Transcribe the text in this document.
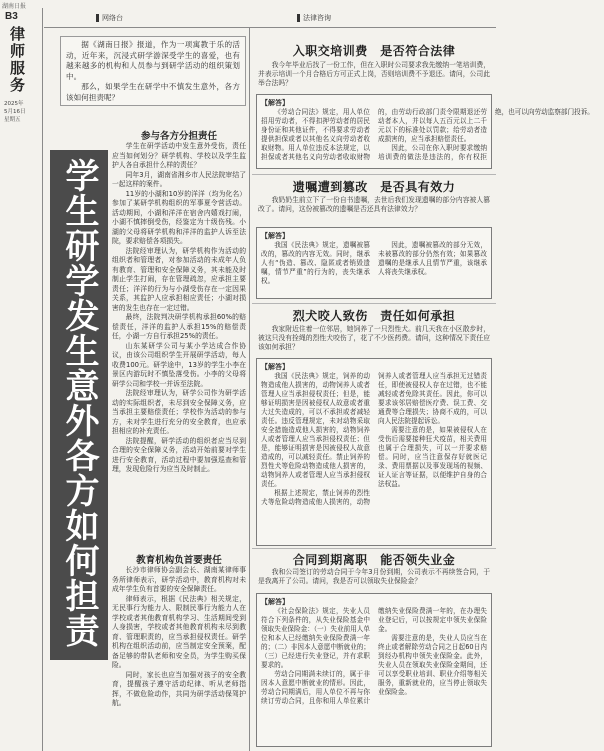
湖南日报
B3
律师服务
2025年
5月16日
星期五
网络台	法律咨询

据《湖南日报》报道，作为一项寓教于乐的活动，近年来，沉浸式研学游深受学生的喜爱，也有越来越多的机构和人员参与到研学活动的组织策划中。

那么，如果学生在研学中不慎发生意外，各方该如何担责呢？

学生研学发生意外各方如何担责
参与各方分担责任

学生在研学活动中发生意外受伤，责任应当如何划分？研学机构、学校以及学生监护人各自承担什么样的责任？

同年3月，湖南省湘乡市人民法院审结了一起这样的案件。

11岁的小湖和10岁的洋洋（均为化名）参加了某研学机构组织的军事夏令营活动。活动期间，小湖和洋洋在宿舍内嬉戏打闹，小湖不慎摔倒受伤，经鉴定为十级伤残。小湖的父母将研学机构和洋洋的监护人诉至法院，要求赔偿各项损失。

法院经审理认为，研学机构作为活动的组织者和管理者，对参加活动的未成年人负有教育、管理和安全保障义务，其未能及时制止学生打闹，存在管理疏忽，应承担主要责任；洋洋的行为与小湖受伤存在一定因果关系，其监护人应承担相应责任；小湖对损害的发生也存在一定过错。

最终，法院判决研学机构承担60%的赔偿责任，洋洋的监护人承担15%的赔偿责任，小湖一方自行承担25%的责任。

山东某研学公司与某小学达成合作协议，由该公司组织学生开展研学活动，每人收费100元。研学途中，13岁的学生小李在景区内游玩时不慎坠落受伤。小李的父母将研学公司和学校一并诉至法院。

法院经审理认为，研学公司作为研学活动的实际组织者，未尽到安全保障义务，应当承担主要赔偿责任；学校作为活动的参与方，未对学生进行充分的安全教育，也应承担相应的补充责任。

法院提醒，研学活动的组织者应当尽到合理的安全保障义务，活动开始前要对学生进行安全教育，活动过程中要加强巡查和管理，发现危险行为应当及时制止。

教育机构负首要责任

长沙市律师协会副会长、湖南某律师事务所律师表示，研学活动中，教育机构对未成年学生负有首要的安全保障责任。

律师表示，根据《民法典》相关规定，无民事行为能力人、限制民事行为能力人在学校或者其他教育机构学习、生活期间受到人身损害，学校或者其他教育机构未尽到教育、管理职责的，应当承担侵权责任。研学机构在组织活动前，应当制定安全预案，配备足够的带队老师和安全员，为学生购买保险。

同时，家长也应当加强对孩子的安全教育，提醒孩子遵守活动纪律、听从老师指挥，不做危险动作，共同为研学活动保驾护航。

入职交培训费　是否符合法律

我今年毕业后找了一份工作，但在入职时公司要求我先缴纳一笔培训费，并表示培训一个月合格后方可正式上岗，否则培训费不予退还。请问，公司此举合法吗？

【解答】

《劳动合同法》规定，用人单位招用劳动者，不得扣押劳动者的居民身份证和其他证件，不得要求劳动者提供担保或者以其他名义向劳动者收取财物。用人单位违反本法规定，以担保或者其他名义向劳动者收取财物的，由劳动行政部门责令限期退还劳动者本人，并以每人五百元以上二千元以下的标准处以罚款；给劳动者造成损害的，应当承担赔偿责任。

因此，公司在你入职时要求缴纳培训费的做法是违法的，你有权拒绝，也可以向劳动监察部门投诉。

遗嘱遭到篡改　是否具有效力

我奶奶生前立下了一份自书遗嘱，去世后我们发现遗嘱的部分内容被人篡改了。请问，这份被篡改的遗嘱是否还具有法律效力？

【解答】

我国《民法典》规定，遗嘱被篡改的，篡改的内容无效。同时，继承人有“伪造、篡改、隐匿或者销毁遗嘱，情节严重”的行为的，丧失继承权。

因此，遗嘱被篡改的部分无效，未被篡改的部分仍然有效；如果篡改遗嘱的是继承人且情节严重，该继承人将丧失继承权。

烈犬咬人致伤　责任如何承担

我家附近住着一位邻居，她饲养了一只烈性犬。前几天我在小区散步时，被这只没有拴绳的烈性犬咬伤了，花了不少医药费。请问，这种情况下责任应该如何承担？

【解答】

我国《民法典》规定，饲养的动物造成他人损害的，动物饲养人或者管理人应当承担侵权责任；但是，能够证明损害是因被侵权人故意或者重大过失造成的，可以不承担或者减轻责任。违反管理规定，未对动物采取安全措施造成他人损害的，动物饲养人或者管理人应当承担侵权责任；但是，能够证明损害是因被侵权人故意造成的，可以减轻责任。禁止饲养的烈性犬等危险动物造成他人损害的，动物饲养人或者管理人应当承担侵权责任。

根据上述规定，禁止饲养的烈性犬等危险动物造成他人损害的，动物饲养人或者管理人应当承担无过错责任，即使被侵权人存在过错，也不能减轻或者免除其责任。因此，你可以要求该邻居赔偿医疗费、误工费、交通费等合理损失；协商不成的，可以向人民法院提起诉讼。

需要注意的是，如果被侵权人在受伤后需要接种狂犬疫苗，相关费用也属于合理损失，可以一并要求赔偿。同时，应当注意保存好就医记录、费用票据以及事发现场的视频、证人证言等证据，以便维护自身的合法权益。

合同到期离职　能否领失业金

我和公司签订的劳动合同于今年3月份到期，公司表示不再续签合同，于是我离开了公司。请问，我是否可以领取失业保险金？

【解答】

《社会保险法》规定，失业人员符合下列条件的，从失业保险基金中领取失业保险金：（一）失业前用人单位和本人已经缴纳失业保险费满一年的；（二）非因本人意愿中断就业的；（三）已经进行失业登记，并有求职要求的。

劳动合同期满未续订的，属于非因本人意愿中断就业的情形。因此，劳动合同期满后，用人单位不再与你续订劳动合同，且你和用人单位累计缴纳失业保险费满一年的，在办理失业登记后，可以按规定申领失业保险金。

需要注意的是，失业人员应当在终止或者解除劳动合同之日起60日内到经办机构申领失业保险金。此外，失业人员在领取失业保险金期间，还可以享受职业培训、职业介绍等相关服务，重新就业的，应当停止领取失业保险金。
